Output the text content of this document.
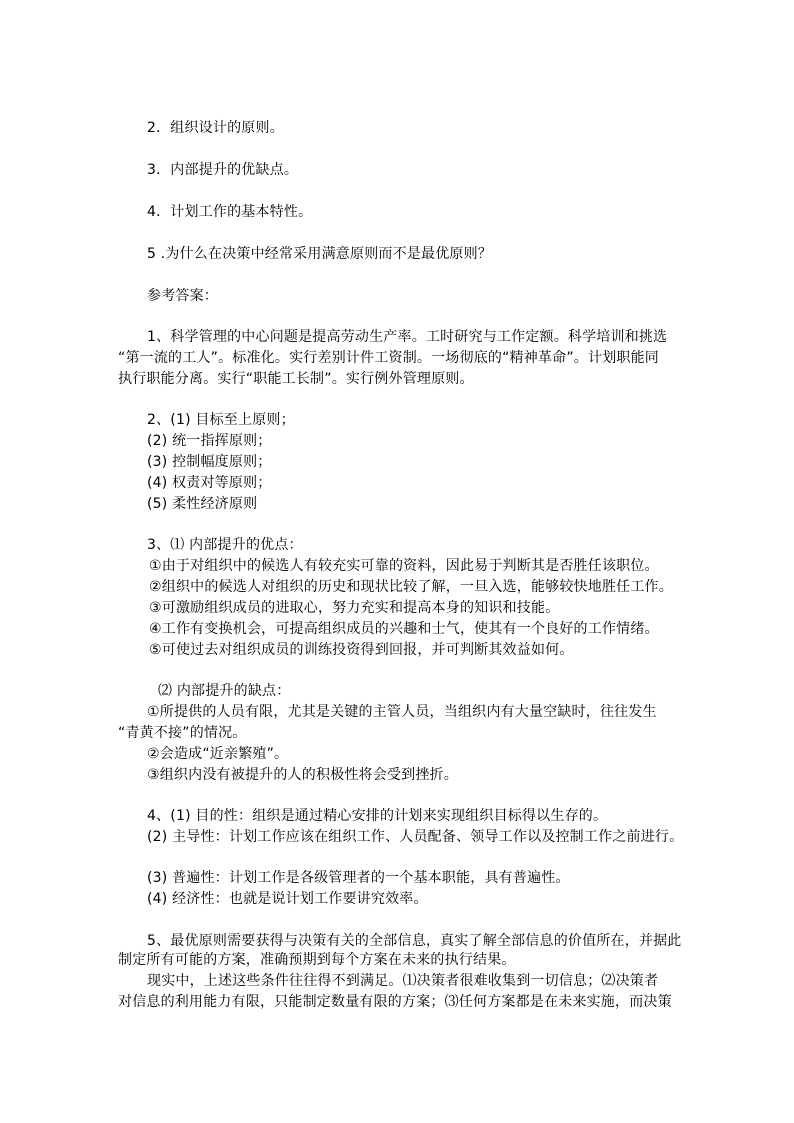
2．组织设计的原则。
3．内部提升的优缺点。
4．计划工作的基本特性。
5 .为什么在决策中经常采用满意原则而不是最优原则？
参考答案：
1、科学管理的中心问题是提高劳动生产率。工时研究与工作定额。科学培训和挑选
“第一流的工人”。标准化。实行差别计件工资制。一场彻底的“精神革命”。计划职能同
执行职能分离。实行“职能工长制”。实行例外管理原则。
2、(1) 目标至上原则；
(2) 统一指挥原则；
(3) 控制幅度原则；
(4) 权责对等原则；
(5) 柔性经济原则
3、⑴ 内部提升的优点：
①由于对组织中的候选人有较充实可靠的资料，因此易于判断其是否胜任该职位。
②组织中的候选人对组织的历史和现状比较了解，一旦入选，能够较快地胜任工作。
③可激励组织成员的进取心，努力充实和提高本身的知识和技能。
④工作有变换机会，可提高组织成员的兴趣和士气，使其有一个良好的工作情绪。
⑤可使过去对组织成员的训练投资得到回报，并可判断其效益如何。
⑵ 内部提升的缺点：
①所提供的人员有限，尤其是关键的主管人员，当组织内有大量空缺时，往往发生
“青黄不接”的情况。
②会造成“近亲繁殖”。
③组织内没有被提升的人的积极性将会受到挫折。
4、(1) 目的性：组织是通过精心安排的计划来实现组织目标得以生存的。
(2) 主导性：计划工作应该在组织工作、人员配备、领导工作以及控制工作之前进行。
(3) 普遍性：计划工作是各级管理者的一个基本职能，具有普遍性。
(4) 经济性：也就是说计划工作要讲究效率。
5、最优原则需要获得与决策有关的全部信息，真实了解全部信息的价值所在，并据此
制定所有可能的方案，准确预期到每个方案在未来的执行结果。
现实中，上述这些条件往往得不到满足。⑴决策者很难收集到一切信息；⑵决策者
对信息的利用能力有限，只能制定数量有限的方案；⑶任何方案都是在未来实施，而决策
